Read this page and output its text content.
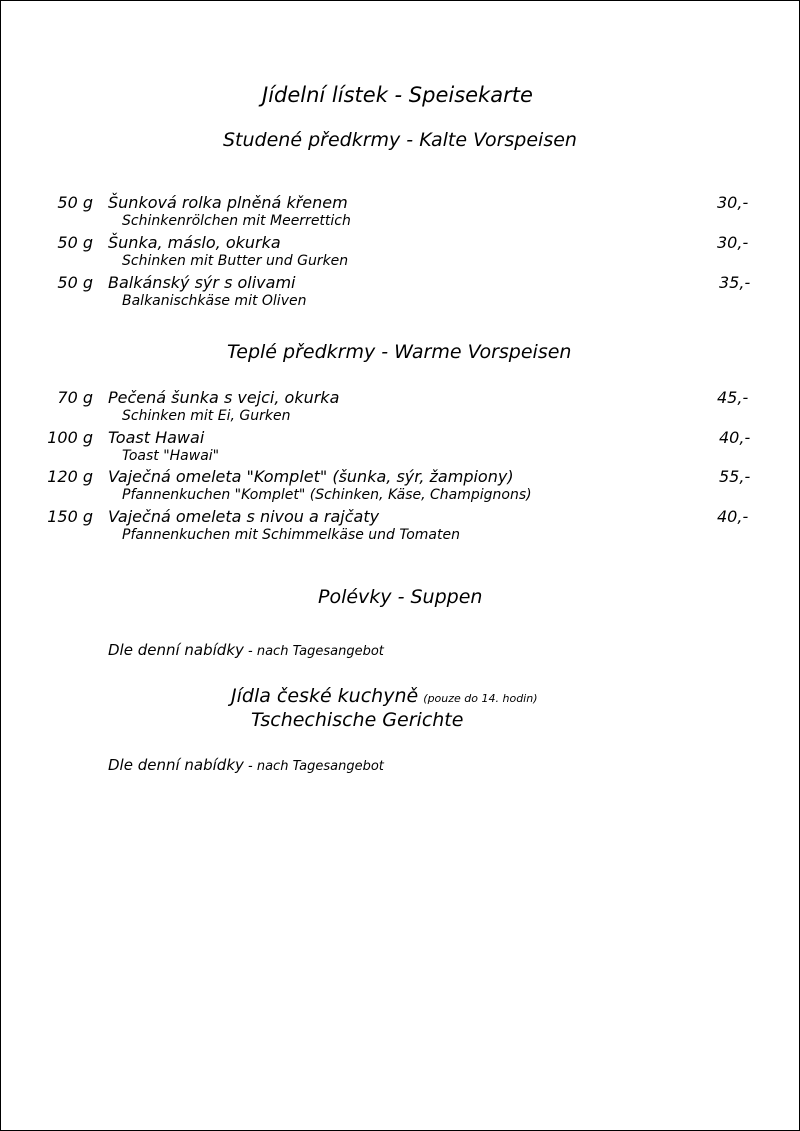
Jídelní lístek - Speisekarte
Studené předkrmy - Kalte Vorspeisen
50 g Šunková rolka plněná křenem	30,-
Schinkenrölchen mit Meerrettich
50 g Šunka, máslo, okurka	30,-
Schinken mit Butter und Gurken
50 g Balkánský sýr s olivami	35,-
Balkanischkäse mit Oliven
Teplé předkrmy - Warme Vorspeisen
70 g Pečená šunka s vejci, okurka	45,-
Schinken mit Ei, Gurken
100 g Toast Hawai	40,-
Toast "Hawai"
120 g Vaječná omeleta "Komplet" (šunka, sýr, žampiony)	55,-
Pfannenkuchen "Komplet" (Schinken, Käse, Champignons)
150 g Vaječná omeleta s nivou a rajčaty	40,-
Pfannenkuchen mit Schimmelkäse und Tomaten
Polévky - Suppen
Dle denní nabídky - nach Tagesangebot
Jídla české kuchyně (pouze do 14. hodin)
Tschechische Gerichte
Dle denní nabídky - nach Tagesangebot
